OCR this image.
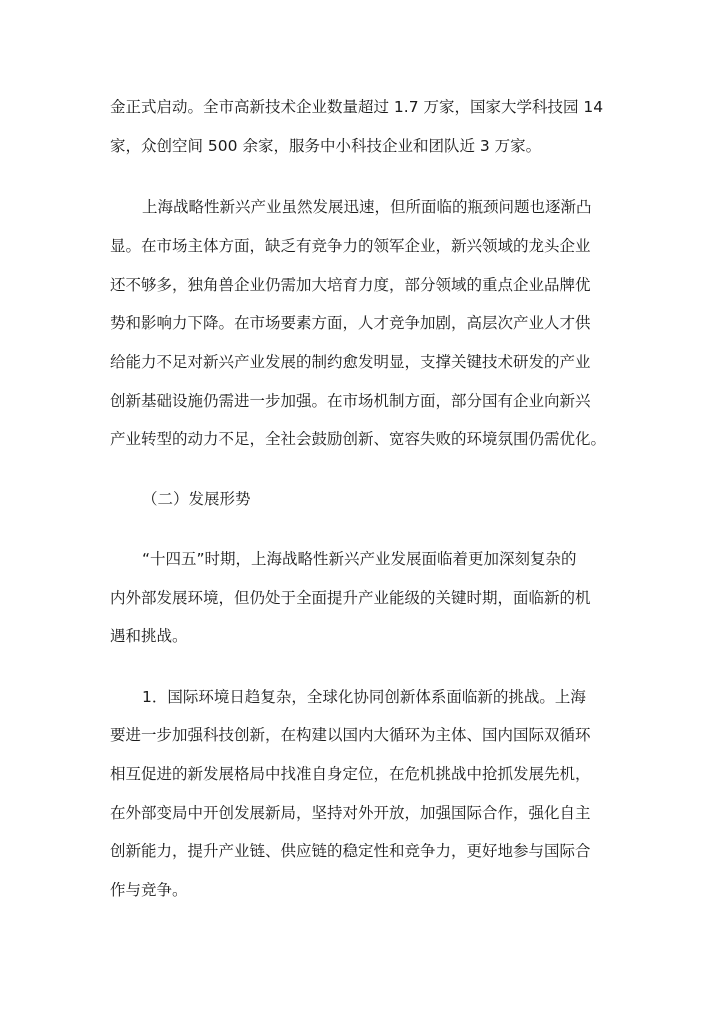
金正式启动。全市高新技术企业数量超过 1.7 万家，国家大学科技园 14
家，众创空间 500 余家，服务中小科技企业和团队近 3 万家。
上海战略性新兴产业虽然发展迅速，但所面临的瓶颈问题也逐渐凸
显。在市场主体方面，缺乏有竞争力的领军企业，新兴领域的龙头企业
还不够多，独角兽企业仍需加大培育力度，部分领域的重点企业品牌优
势和影响力下降。在市场要素方面，人才竞争加剧，高层次产业人才供
给能力不足对新兴产业发展的制约愈发明显，支撑关键技术研发的产业
创新基础设施仍需进一步加强。在市场机制方面，部分国有企业向新兴
产业转型的动力不足，全社会鼓励创新、宽容失败的环境氛围仍需优化。
（二）发展形势
“十四五”时期，上海战略性新兴产业发展面临着更加深刻复杂的
内外部发展环境，但仍处于全面提升产业能级的关键时期，面临新的机
遇和挑战。
1．国际环境日趋复杂，全球化协同创新体系面临新的挑战。上海
要进一步加强科技创新，在构建以国内大循环为主体、国内国际双循环
相互促进的新发展格局中找准自身定位，在危机挑战中抢抓发展先机，
在外部变局中开创发展新局，坚持对外开放，加强国际合作，强化自主
创新能力，提升产业链、供应链的稳定性和竞争力，更好地参与国际合
作与竞争。
